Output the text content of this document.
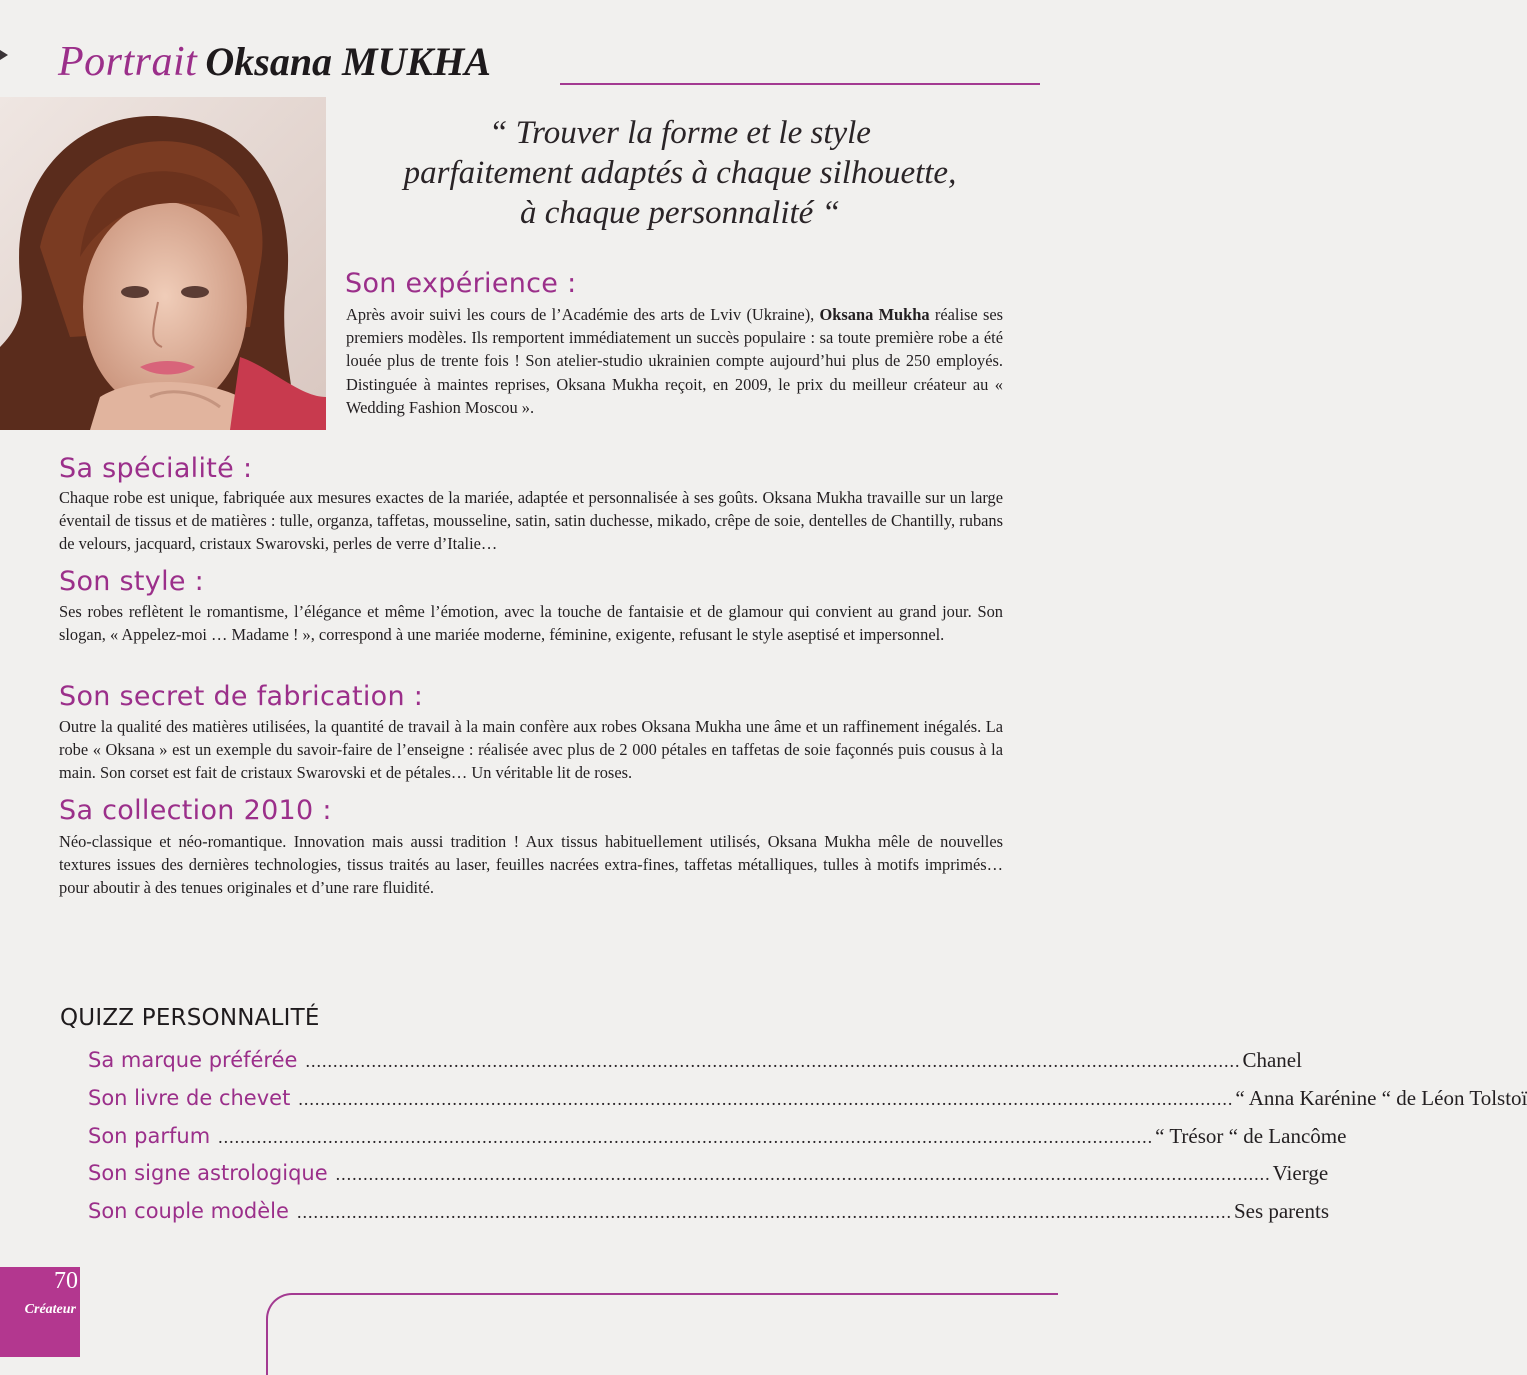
Portrait Oksana MUKHA
“ Trouver la forme et le style
parfaitement adaptés à chaque silhouette,
à chaque personnalité “
Son expérience :
Après avoir suivi les cours de l’Académie des arts de Lviv (Ukraine), Oksana Mukha réalise ses premiers modèles. Ils remportent immédiatement un succès populaire : sa toute première robe a été louée plus de trente fois ! Son atelier-studio ukrainien compte aujourd’hui plus de 250 employés. Distinguée à maintes reprises, Oksana Mukha reçoit, en 2009, le prix du meilleur créateur au « Wedding Fashion Moscou ».
Sa spécialité :
Chaque robe est unique, fabriquée aux mesures exactes de la mariée, adaptée et personnalisée à ses goûts. Oksana Mukha travaille sur un large éventail de tissus et de matières : tulle, organza, taffetas, mousseline, satin, satin duchesse, mikado, crêpe de soie, dentelles de Chantilly, rubans de velours, jacquard, cristaux Swarovski, perles de verre d’Italie…
Son style :
Ses robes reflètent le romantisme, l’élégance et même l’émotion, avec la touche de fantaisie et de glamour qui convient au grand jour. Son slogan, « Appelez-moi … Madame ! », correspond à une mariée moderne, féminine, exigente, refusant le style aseptisé et impersonnel.
Son secret de fabrication :
Outre la qualité des matières utilisées, la quantité de travail à la main confère aux robes Oksana Mukha une âme et un raffinement inégalés. La robe « Oksana » est un exemple du savoir-faire de l’enseigne : réalisée avec plus de 2 000 pétales en taffetas de soie façonnés puis cousus à la main. Son corset est fait de cristaux Swarovski et de pétales… Un véritable lit de roses.
Sa collection 2010 :
Néo-classique et néo-romantique. Innovation mais aussi tradition ! Aux tissus habituellement utilisés, Oksana Mukha mêle de nouvelles textures issues des dernières technologies, tissus traités au laser, feuilles nacrées extra-fines, taffetas métalliques, tulles à motifs imprimés… pour aboutir à des tenues originales et d’une rare fluidité.
QUIZZ PERSONNALITÉ
Sa marque préférée .......................................................................................................................................................................... Chanel
Son livre de chevet .......................................................................................................................................................................... “ Anna Karénine “ de Léon Tolstoï
Son parfum .......................................................................................................................................................................... “ Trésor “ de Lancôme
Son signe astrologique .......................................................................................................................................................................... Vierge
Son couple modèle .......................................................................................................................................................................... Ses parents
70
Créateur
